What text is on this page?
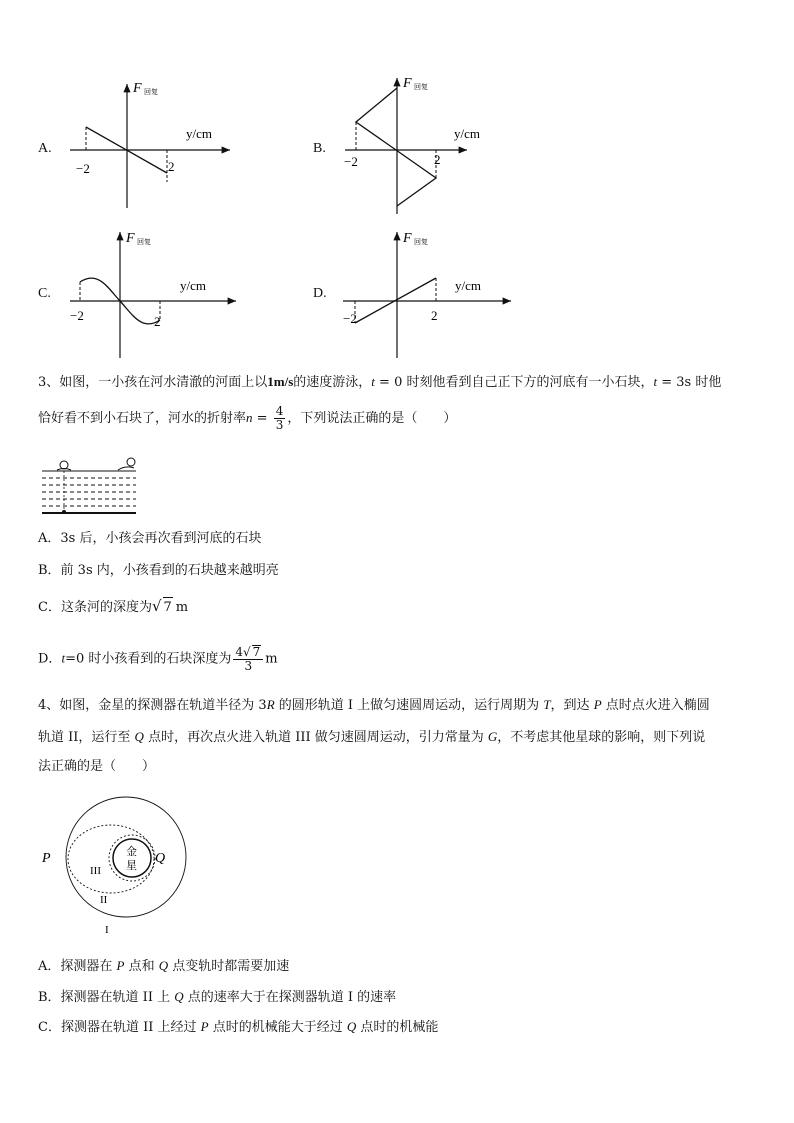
A.
F 回复
y/cm
−2	2
B.
F 回复
y/cm
−2	2
C.
F 回复
y/cm
−2	2
D.
F 回复
y/cm
−2	2
3、如图，一小孩在河水清澈的河面上以1m/s的速度游泳，t = 0 时刻他看到自己正下方的河底有一小石块，t = 3s 时他
恰好看不到小石块了，河水的折射率$n = \frac{4}{3}$ ，下列说法正确的是（　　）
A．3s 后，小孩会再次看到河底的石块
B．前 3s 内，小孩看到的石块越来越明亮
C．这条河的深度为√ 7 m
D．t=0 时小孩看到的石块深度为 $\frac{4√ 7}{3}$ m
4、如图，金星的探测器在轨道半径为 3R 的圆形轨道 I 上做匀速圆周运动，运行周期为 T，到达 P 点时点火进入椭圆
轨道 II，运行至 Q 点时，再次点火进入轨道 III 做匀速圆周运动，引力常量为 G，不考虑其他星球的影响，则下列说
法正确的是（　　）
P	Q
金
星
III
II
I
A．探测器在 P 点和 Q 点变轨时都需要加速
B．探测器在轨道 II 上 Q 点的速率大于在探测器轨道 I 的速率
C．探测器在轨道 II 上经过 P 点时的机械能大于经过 Q 点时的机械能
